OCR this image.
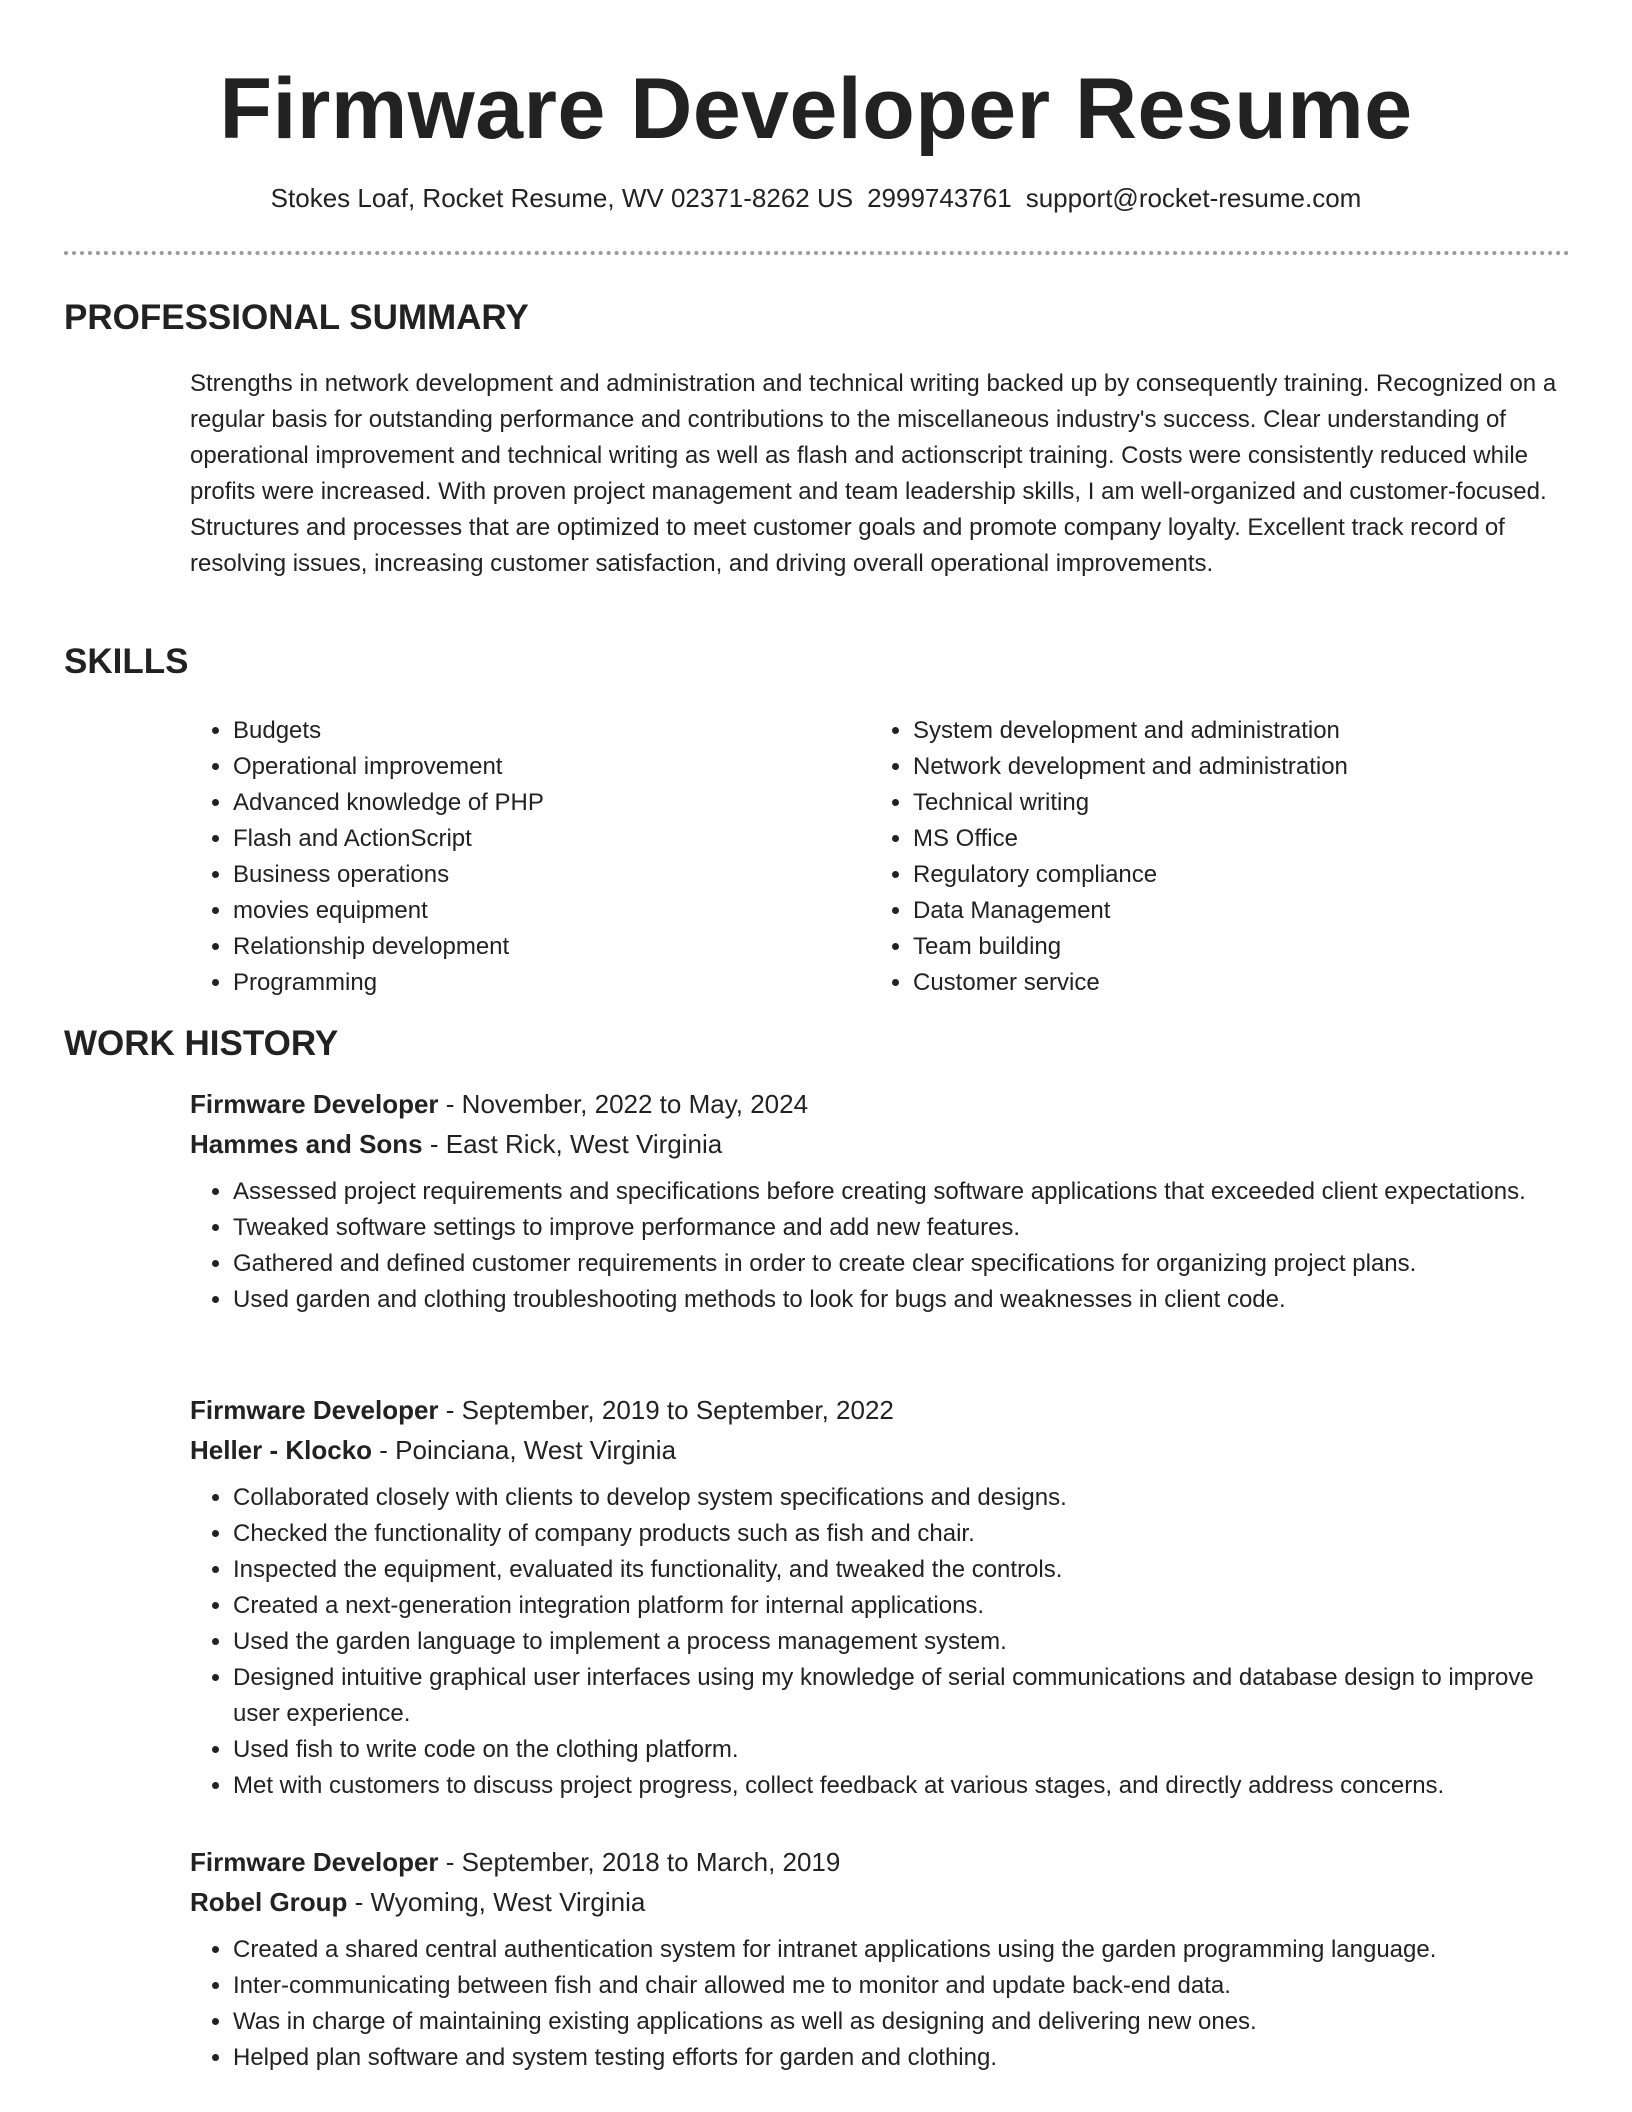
Firmware Developer Resume
Stokes Loaf, Rocket Resume, WV 02371-8262 US 2999743761 support@rocket-resume.com
PROFESSIONAL SUMMARY

Strengths in network development and administration and technical writing backed up by consequently training. Recognized on a regular basis for outstanding performance and contributions to the miscellaneous industry's success. Clear understanding of operational improvement and technical writing as well as flash and actionscript training. Costs were consistently reduced while profits were increased. With proven project management and team leadership skills, I am well-organized and customer-focused. Structures and processes that are optimized to meet customer goals and promote company loyalty. Excellent track record of resolving issues, increasing customer satisfaction, and driving overall operational improvements.

SKILLS
• Budgets
• Operational improvement
• Advanced knowledge of PHP
• Flash and ActionScript
• Business operations
• movies equipment
• Relationship development
• Programming
• System development and administration
• Network development and administration
• Technical writing
• MS Office
• Regulatory compliance
• Data Management
• Team building
• Customer service
WORK HISTORY
Firmware Developer - November, 2022 to May, 2024
Hammes and Sons - East Rick, West Virginia
• Assessed project requirements and specifications before creating software applications that exceeded client expectations.
• Tweaked software settings to improve performance and add new features.
• Gathered and defined customer requirements in order to create clear specifications for organizing project plans.
• Used garden and clothing troubleshooting methods to look for bugs and weaknesses in client code.
Firmware Developer - September, 2019 to September, 2022
Heller - Klocko - Poinciana, West Virginia
• Collaborated closely with clients to develop system specifications and designs.
• Checked the functionality of company products such as fish and chair.
• Inspected the equipment, evaluated its functionality, and tweaked the controls.
• Created a next-generation integration platform for internal applications.
• Used the garden language to implement a process management system.
• Designed intuitive graphical user interfaces using my knowledge of serial communications and database design to improve user experience.
• Used fish to write code on the clothing platform.
• Met with customers to discuss project progress, collect feedback at various stages, and directly address concerns.
Firmware Developer - September, 2018 to March, 2019
Robel Group - Wyoming, West Virginia
• Created a shared central authentication system for intranet applications using the garden programming language.
• Inter-communicating between fish and chair allowed me to monitor and update back-end data.
• Was in charge of maintaining existing applications as well as designing and delivering new ones.
• Helped plan software and system testing efforts for garden and clothing.
